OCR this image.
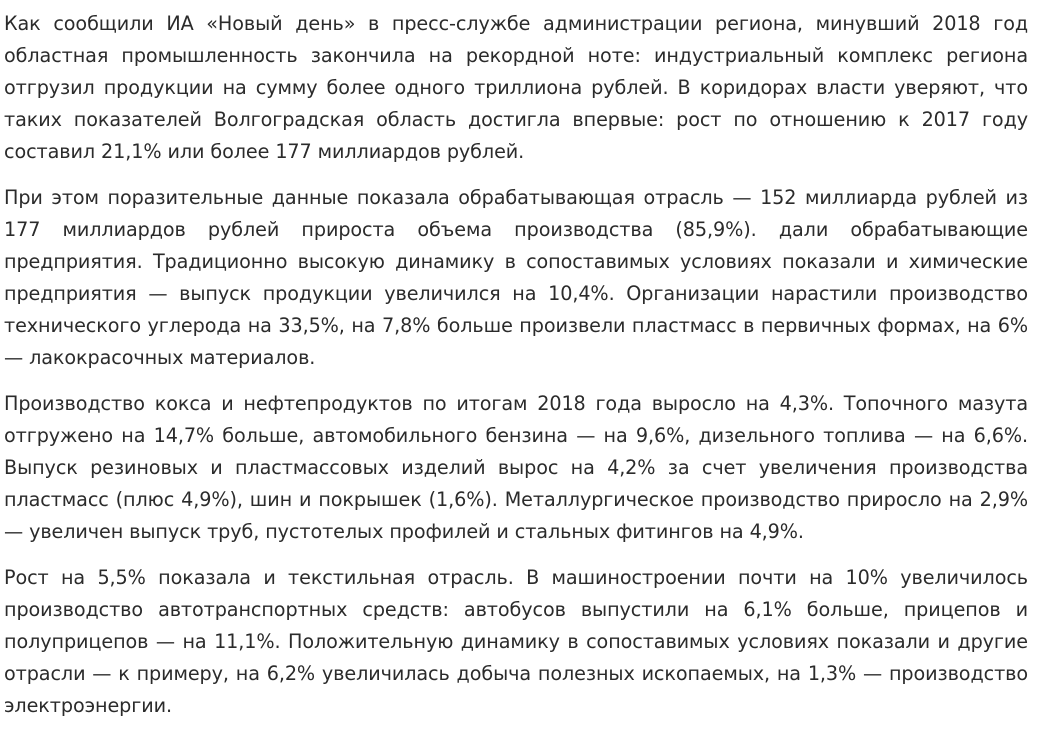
Как сообщили ИА «Новый день» в пресс-службе администрации региона, минувший 2018 год областная промышленность закончила на рекордной ноте: индустриальный комплекс региона отгрузил продукции на сумму более одного триллиона рублей. В коридорах власти уверяют, что таких показателей Волгоградская область достигла впервые: рост по отношению к 2017 году составил 21,1% или более 177 миллиардов рублей.

При этом поразительные данные показала обрабатывающая отрасль — 152 миллиарда рублей из 177 миллиардов рублей прироста объема производства (85,9%). дали обрабатывающие предприятия. Традиционно высокую динамику в сопоставимых условиях показали и химические предприятия — выпуск продукции увеличился на 10,4%. Организации нарастили производство технического углерода на 33,5%, на 7,8% больше произвели пластмасс в первичных формах, на 6% — лакокрасочных материалов.

Производство кокса и нефтепродуктов по итогам 2018 года выросло на 4,3%. Топочного мазута отгружено на 14,7% больше, автомобильного бензина — на 9,6%, дизельного топлива — на 6,6%. Выпуск резиновых и пластмассовых изделий вырос на 4,2% за счет увеличения производства пластмасс (плюс 4,9%), шин и покрышек (1,6%). Металлургическое производство приросло на 2,9% — увеличен выпуск труб, пустотелых профилей и стальных фитингов на 4,9%.

Рост на 5,5% показала и текстильная отрасль. В машиностроении почти на 10% увеличилось производство автотранспортных средств: автобусов выпустили на 6,1% больше, прицепов и полуприцепов — на 11,1%. Положительную динамику в сопоставимых условиях показали и другие отрасли — к примеру, на 6,2% увеличилась добыча полезных ископаемых, на 1,3% — производство электроэнергии.
